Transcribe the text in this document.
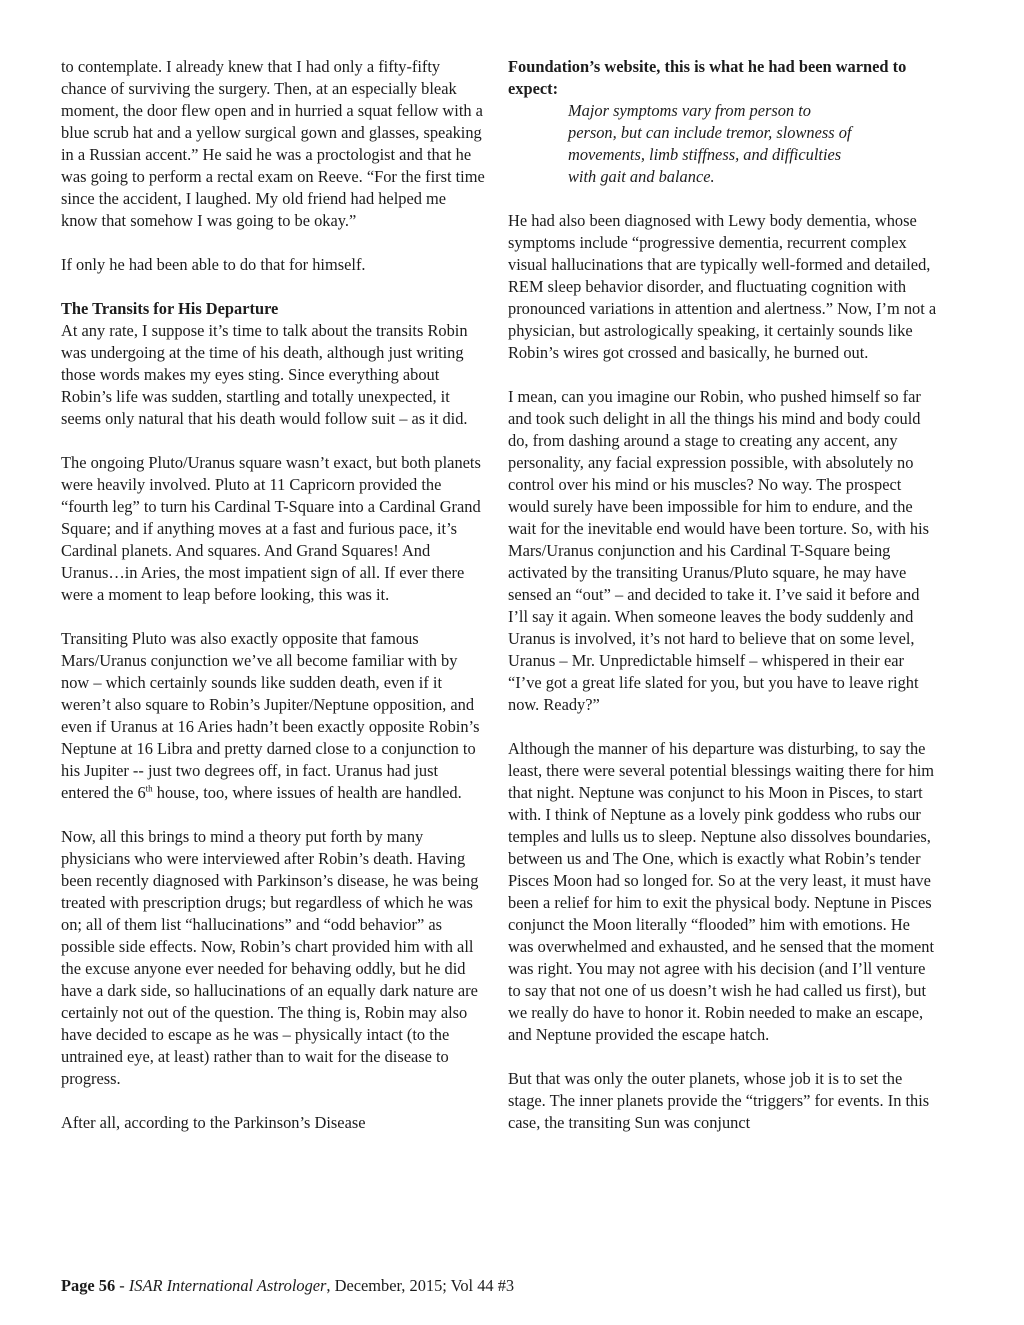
to contemplate. I already knew that I had only a fifty-fifty chance of surviving the surgery. Then, at an especially bleak moment, the door flew open and in hurried a squat fellow with a blue scrub hat and a yellow surgical gown and glasses, speaking in a Russian accent.” He said he was a proctologist and that he was going to perform a rectal exam on Reeve. “For the first time since the accident, I laughed. My old friend had helped me know that somehow I was going to be okay.”

If only he had been able to do that for himself.

The Transits for His Departure

At any rate, I suppose it’s time to talk about the transits Robin was undergoing at the time of his death, although just writing those words makes my eyes sting. Since everything about Robin’s life was sudden, startling and totally unexpected, it seems only natural that his death would follow suit – as it did.

The ongoing Pluto/Uranus square wasn’t exact, but both planets were heavily involved. Pluto at 11 Capricorn provided the “fourth leg” to turn his Cardinal T-Square into a Cardinal Grand Square; and if anything moves at a fast and furious pace, it’s Cardinal planets. And squares. And Grand Squares! And Uranus…in Aries, the most impatient sign of all. If ever there were a moment to leap before looking, this was it.

Transiting Pluto was also exactly opposite that famous Mars/Uranus conjunction we’ve all become familiar with by now – which certainly sounds like sudden death, even if it weren’t also square to Robin’s Jupiter/Neptune opposition, and even if Uranus at 16 Aries hadn’t been exactly opposite Robin’s Neptune at 16 Libra and pretty darned close to a conjunction to his Jupiter -- just two degrees off, in fact. Uranus had just entered the 6th house, too, where issues of health are handled.

Now, all this brings to mind a theory put forth by many physicians who were interviewed after Robin’s death. Having been recently diagnosed with Parkinson’s disease, he was being treated with prescription drugs; but regardless of which he was on; all of them list “hallucinations” and “odd behavior” as possible side effects. Now, Robin’s chart provided him with all the excuse anyone ever needed for behaving oddly, but he did have a dark side, so hallucinations of an equally dark nature are certainly not out of the question. The thing is, Robin may also have decided to escape as he was – physically intact (to the untrained eye, at least) rather than to wait for the disease to progress.

After all, according to the Parkinson’s Disease

Foundation’s website, this is what he had been warned to expect:

Major symptoms vary from person to
person, but can include tremor, slowness of
movements, limb stiffness, and difficulties
with gait and balance.

He had also been diagnosed with Lewy body dementia, whose symptoms include “progressive dementia, recurrent complex visual hallucinations that are typically well-formed and detailed, REM sleep behavior disorder, and fluctuating cognition with pronounced variations in attention and alertness.” Now, I’m not a physician, but astrologically speaking, it certainly sounds like Robin’s wires got crossed and basically, he burned out.

I mean, can you imagine our Robin, who pushed himself so far and took such delight in all the things his mind and body could do, from dashing around a stage to creating any accent, any personality, any facial expression possible, with absolutely no control over his mind or his muscles? No way. The prospect would surely have been impossible for him to endure, and the wait for the inevitable end would have been torture. So, with his Mars/Uranus conjunction and his Cardinal T-Square being activated by the transiting Uranus/Pluto square, he may have sensed an “out” – and decided to take it. I’ve said it before and I’ll say it again. When someone leaves the body suddenly and Uranus is involved, it’s not hard to believe that on some level, Uranus – Mr. Unpredictable himself – whispered in their ear “I’ve got a great life slated for you, but you have to leave right now. Ready?”

Although the manner of his departure was disturbing, to say the least, there were several potential blessings waiting there for him that night. Neptune was conjunct to his Moon in Pisces, to start with. I think of Neptune as a lovely pink goddess who rubs our temples and lulls us to sleep. Neptune also dissolves boundaries, between us and The One, which is exactly what Robin’s tender Pisces Moon had so longed for. So at the very least, it must have been a relief for him to exit the physical body. Neptune in Pisces conjunct the Moon literally “flooded” him with emotions. He was overwhelmed and exhausted, and he sensed that the moment was right. You may not agree with his decision (and I’ll venture to say that not one of us doesn’t wish he had called us first), but we really do have to honor it. Robin needed to make an escape, and Neptune provided the escape hatch.

But that was only the outer planets, whose job it is to set the stage. The inner planets provide the “triggers” for events. In this case, the transiting Sun was conjunct

Page 56 - ISAR International Astrologer, December, 2015; Vol 44 #3
